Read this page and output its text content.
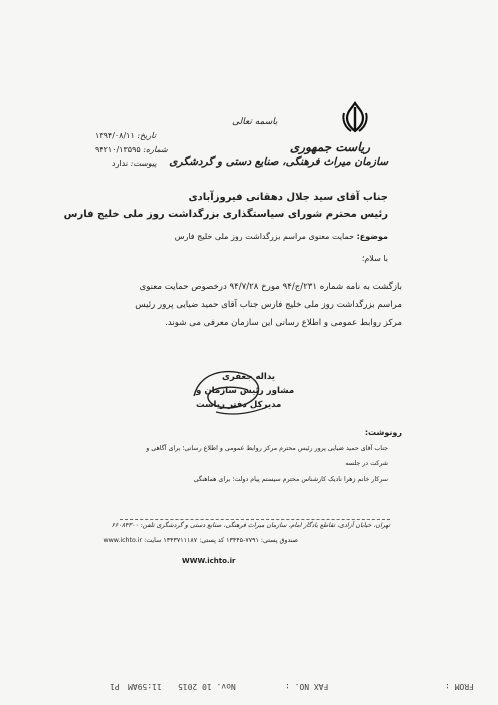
ریاست جمهوری
سازمان میراث فرهنگی، صنایع دستی و گردشگری
باسمه تعالی
تاریخ: ۱۳۹۴/۰۸/۱۱
شماره: ۹۴۲۱۰/۱۳۵۹۵
پیوست: ندارد
جناب آقای سید جلال دهقانی فیروزآبادی
رئیس محترم شورای سیاستگذاری بزرگداشت روز ملی خلیج فارس
موضوع: حمایت معنوی مراسم بزرگداشت روز ملی خلیج فارس
با سلام؛
بازگشت به نامه شماره ۲۳۱/ج/۹۴ مورخ ۹۴/۷/۲۸ درخصوص حمایت معنوی
مراسم بزرگداشت روز ملی خلیج فارس جناب آقای حمید ضیایی پرور رئیس
مرکز روابط عمومی و اطلاع رسانی این سازمان معرفی می شوند.
یداله جعفری
مشاور رئیس سازمان و
مدیرکل دفتر ریاست
رونوشت:
جناب آقای حمید ضیایی پرور رئیس محترم مرکز روابط عمومی و اطلاع رسانی؛ برای آگاهی و
شرکت در جلسه
سرکار خانم زهرا نادیک کارشناس محترم سیستم پیام دولت؛ برای هماهنگی
تهران، خیابان آزادی، تقاطع یادگار امام، سازمان میراث فرهنگی، صنایع دستی و گردشگری تلفن: ۶۶۰۸۴۳۰۰
صندوق پستی: ۷۷۹۱-۱۳۴۴۵ کد پستی: ۱۳۴۳۷۱۱۱۸۷ سایت: www.ichto.ir
WWW.ichto.ir
P1 11:59AM Nov. 10 2015	FAX NO. :	FROM :
